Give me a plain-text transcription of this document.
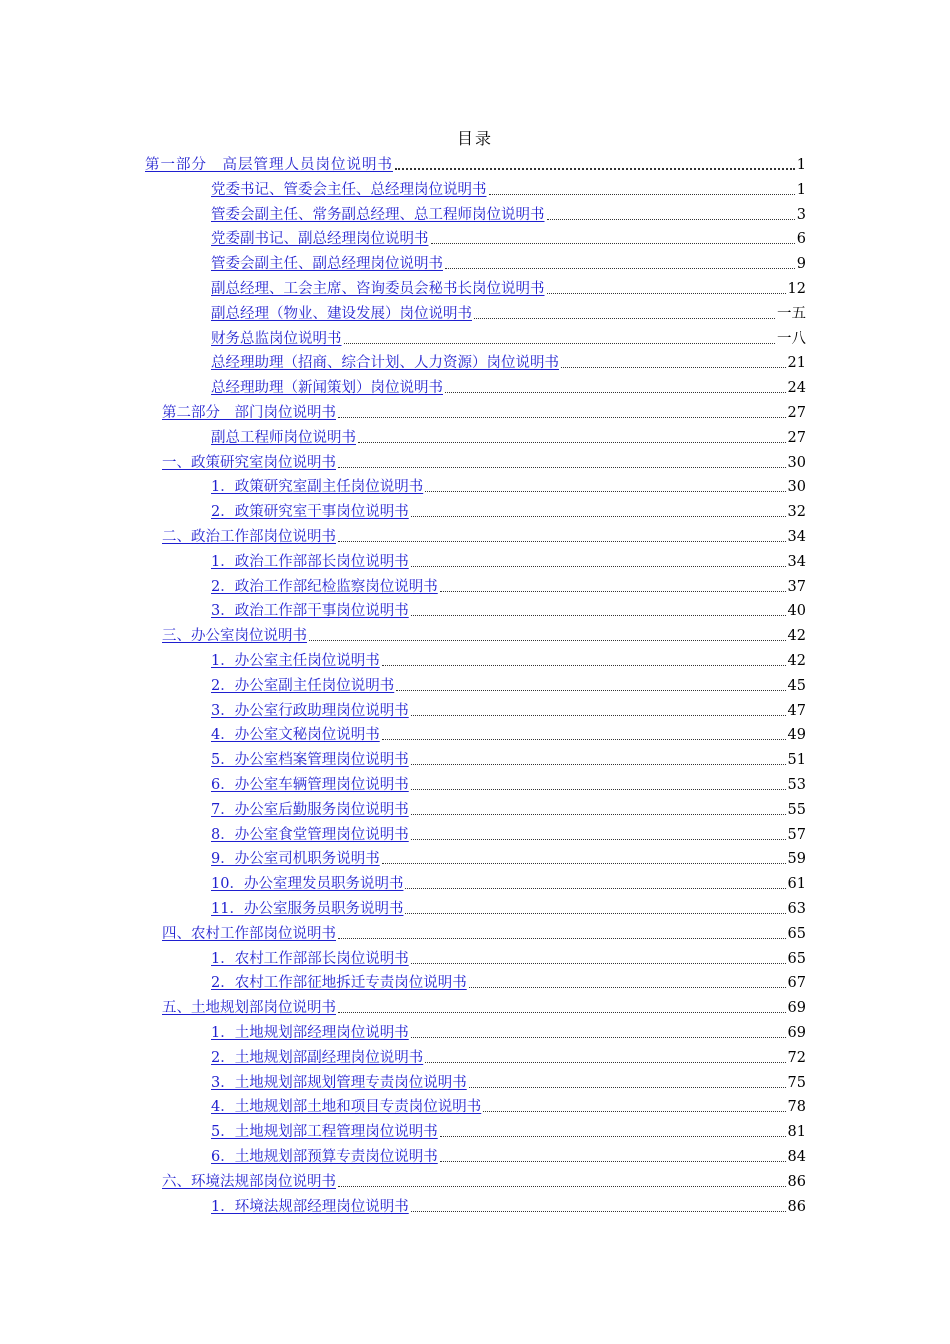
目录
第一部分　高层管理人员岗位说明书	1
党委书记、管委会主任、总经理岗位说明书	1
管委会副主任、常务副总经理、总工程师岗位说明书	3
党委副书记、副总经理岗位说明书	6
管委会副主任、副总经理岗位说明书	9
副总经理、工会主席、咨询委员会秘书长岗位说明书	12
副总经理（物业、建设发展）岗位说明书	一五
财务总监岗位说明书	一八
总经理助理（招商、综合计划、人力资源）岗位说明书	21
总经理助理（新闻策划）岗位说明书	24
第二部分　部门岗位说明书	27
副总工程师岗位说明书	27
一、政策研究室岗位说明书	30
1．政策研究室副主任岗位说明书	30
2．政策研究室干事岗位说明书	32
二、政治工作部岗位说明书	34
1．政治工作部部长岗位说明书	34
2．政治工作部纪检监察岗位说明书	37
3．政治工作部干事岗位说明书	40
三、办公室岗位说明书	42
1．办公室主任岗位说明书	42
2．办公室副主任岗位说明书	45
3．办公室行政助理岗位说明书	47
4．办公室文秘岗位说明书	49
5．办公室档案管理岗位说明书	51
6．办公室车辆管理岗位说明书	53
7．办公室后勤服务岗位说明书	55
8．办公室食堂管理岗位说明书	57
9．办公室司机职务说明书	59
10．办公室理发员职务说明书	61
11．办公室服务员职务说明书	63
四、农村工作部岗位说明书	65
1．农村工作部部长岗位说明书	65
2．农村工作部征地拆迁专责岗位说明书	67
五、土地规划部岗位说明书	69
1．土地规划部经理岗位说明书	69
2．土地规划部副经理岗位说明书	72
3．土地规划部规划管理专责岗位说明书	75
4．土地规划部土地和项目专责岗位说明书	78
5．土地规划部工程管理岗位说明书	81
6．土地规划部预算专责岗位说明书	84
六、环境法规部岗位说明书	86
1．环境法规部经理岗位说明书	86
